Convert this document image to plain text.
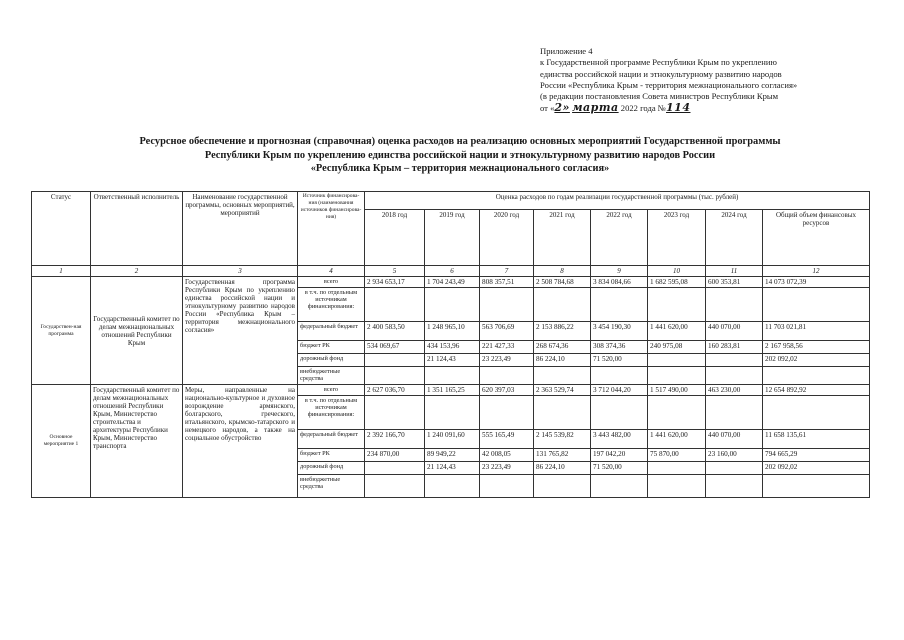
Приложение 4
к Государственной программе Республики Крым по укреплению
единства российской нации и этнокультурному развитию народов
России «Республика Крым - территория межнационального согласия»
(в редакции постановления Совета министров Республики Крым
от «2» марта 2022 года №114
Ресурсное обеспечение и прогнозная (справочная) оценка расходов на реализацию основных мероприятий Государственной программы
Республики Крым по укреплению единства российской нации и этнокультурному развитию народов России
«Республика Крым – территория межнационального согласия»
Статус	Ответственный исполнитель	Наименование государственной программы, основных мероприятий, мероприятий	Источник финансирова-ния (наименования источников финансирова-ния)	Оценка расходов по годам реализации государственной программы (тыс. рублей)							
				2018 год	2019 год	2020 год	2021 год	2022 год	2023 год	2024 год	Общий объем финансовых ресурсов
1	2	3	4	5	6	7	8	9	10	11	12
Государствен-ная программа	Государственный комитет по делам межнациональных отношений Республики Крым	Государственная программа Республики Крым по укреплению единства российской нации и этнокультурному развитию народов России «Республика Крым – территория межнационального согласия»	всего	2 934 653,17	1 704 243,49	808 357,51	2 508 784,68	3 834 084,66	1 682 595,08	600 353,81	14 073 072,39
			в т.ч. по отдельным источникам финансирования:								
			федеральный бюджет	2 400 583,50	1 248 965,10	563 706,69	2 153 886,22	3 454 190,30	1 441 620,00	440 070,00	11 703 021,81
			бюджет РК	534 069,67	434 153,96	221 427,33	268 674,36	308 374,36	240 975,08	160 283,81	2 167 958,56
			дорожный фонд		21 124,43	23 223,49	86 224,10	71 520,00			202 092,02
			внебюджетные средства								
Основное мероприятие 1	Государственный комитет по делам межнациональных отношений Республики Крым, Министерство строительства и архитектуры Республики Крым, Министерство транспорта	Меры, направленные на национально-культурное и духовное возрождение армянского, болгарского, греческого, итальянского, крымско-татарского и немецкого народов, а также на социальное обустройство	всего	2 627 036,70	1 351 165,25	620 397,03	2 363 529,74	3 712 044,20	1 517 490,00	463 230,00	12 654 892,92
			в т.ч. по отдельным источникам финансирования:								
			федеральный бюджет	2 392 166,70	1 240 091,60	555 165,49	2 145 539,82	3 443 482,00	1 441 620,00	440 070,00	11 658 135,61
			бюджет РК	234 870,00	89 949,22	42 008,05	131 765,82	197 042,20	75 870,00	23 160,00	794 665,29
			дорожный фонд		21 124,43	23 223,49	86 224,10	71 520,00			202 092,02
			внебюджетные средства								
